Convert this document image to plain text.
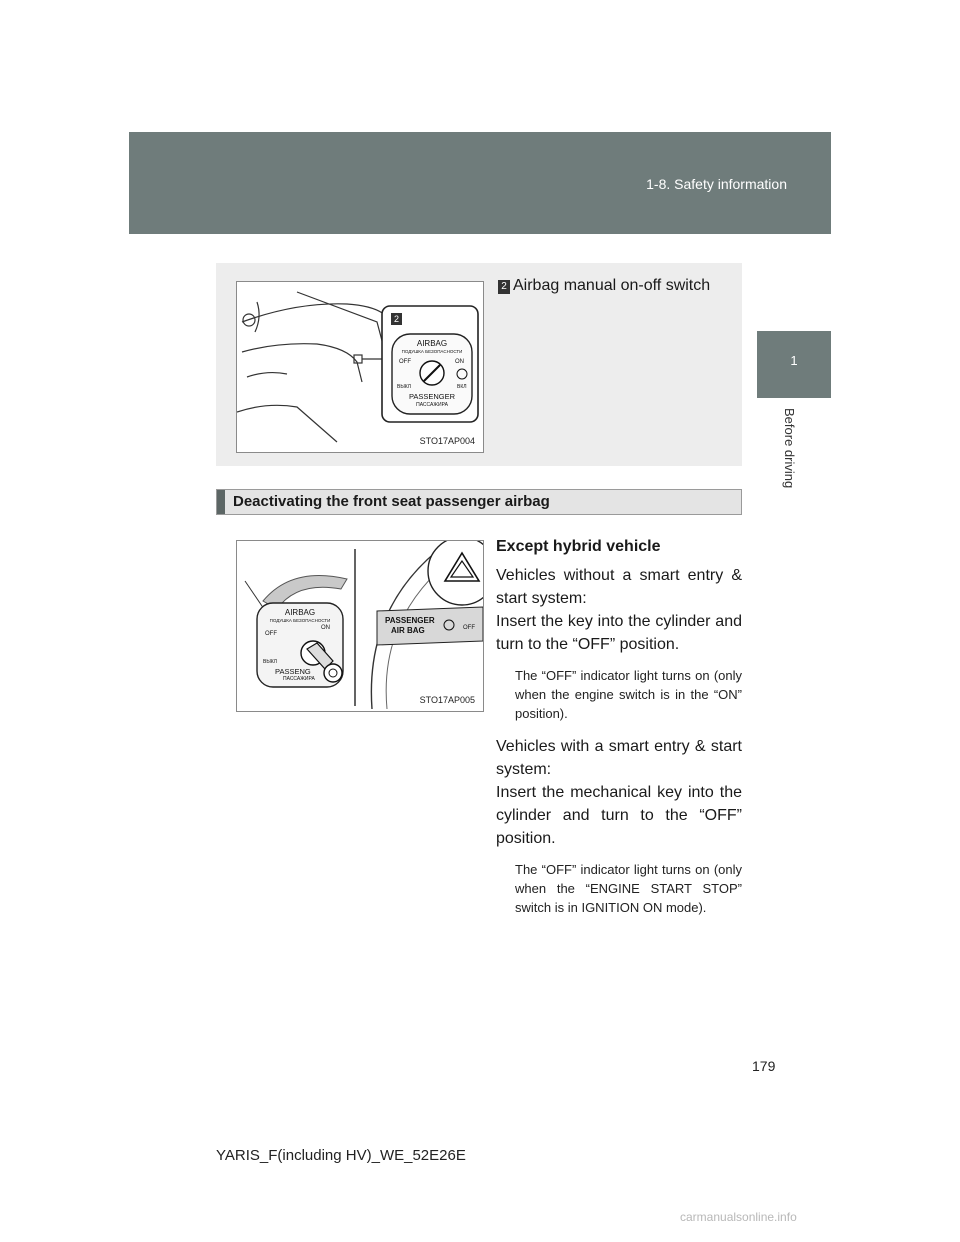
1-8. Safety information
1
Before driving
2
AIRBAG
ПОДУШКА БЕЗОПАСНОСТИ
OFF	ON
ВЫКЛ	ВКЛ
PASSENGER
ПАССАЖИРА
STO17AP004
2 Airbag manual on-off switch
Deactivating the front seat passenger airbag
AIRBAG
ПОДУШКА БЕЗОПАСНОСТИ
OFF
ON
ВЫКЛ
PASSENG
ПАССАЖИРА
PASSENGER
AIR BAG	OFF
STO17AP005

Except hybrid vehicle

Vehicles without a smart entry & start system:

Insert the key into the cylinder and turn to the “OFF” position.

The “OFF” indicator light turns on (only when the engine switch is in the “ON” position).

Vehicles with a smart entry & start system:

Insert the mechanical key into the cylinder and turn to the “OFF” position.

The “OFF” indicator light turns on (only when the “ENGINE START STOP” switch is in IGNITION ON mode).

179
YARIS_F(including HV)_WE_52E26E
carmanualsonline.info
